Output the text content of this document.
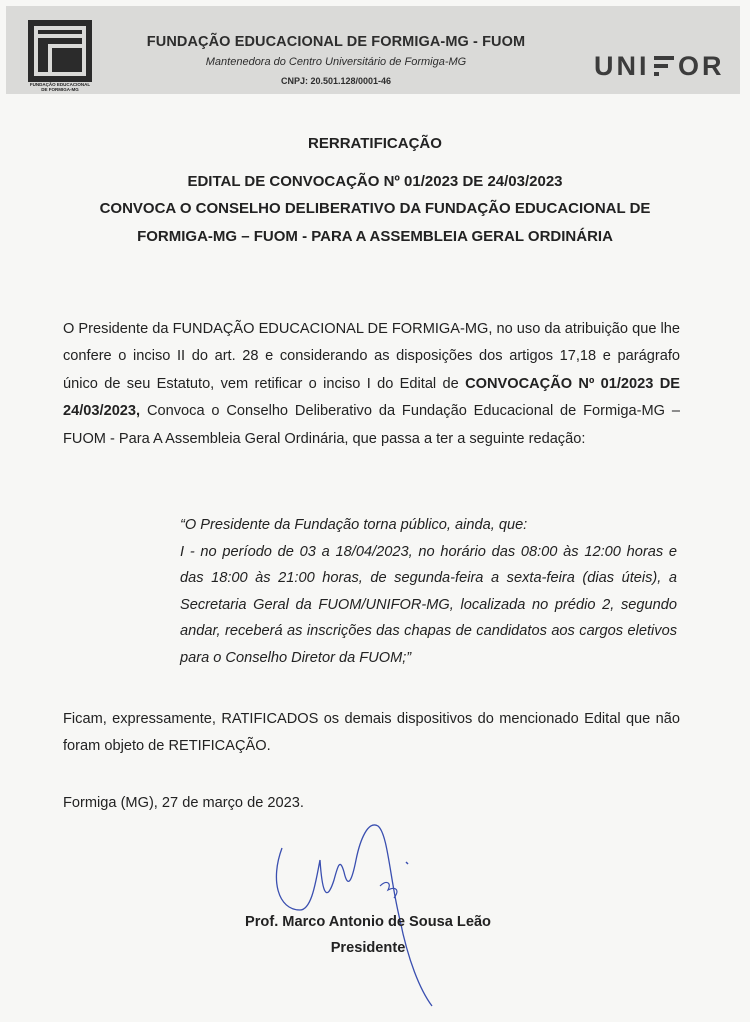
FUNDAÇÃO EDUCACIONAL
DE FORMIGA-MG
FUNDAÇÃO EDUCACIONAL DE FORMIGA-MG - FUOM
Mantenedora do Centro Universitário de Formiga-MG
CNPJ: 20.501.128/0001-46	UNI OR
RERRATIFICAÇÃO
EDITAL DE CONVOCAÇÃO Nº 01/2023 DE 24/03/2023
CONVOCA O CONSELHO DELIBERATIVO DA FUNDAÇÃO EDUCACIONAL DE
FORMIGA-MG – FUOM - PARA A ASSEMBLEIA GERAL ORDINÁRIA
O Presidente da FUNDAÇÃO EDUCACIONAL DE FORMIGA-MG, no uso da atribuição que lhe confere o inciso II do art. 28 e considerando as disposições dos artigos 17,18 e parágrafo único de seu Estatuto, vem retificar o inciso I do Edital de CONVOCAÇÃO Nº 01/2023 DE 24/03/2023, Convoca o Conselho Deliberativo da Fundação Educacional de Formiga-MG – FUOM - Para A Assembleia Geral Ordinária, que passa a ter a seguinte redação:
“O Presidente da Fundação torna público, ainda, que:
I - no período de 03 a 18/04/2023, no horário das 08:00 às 12:00 horas e das 18:00 às 21:00 horas, de segunda-feira a sexta-feira (dias úteis), a Secretaria Geral da FUOM/UNIFOR-MG, localizada no prédio 2, segundo andar, receberá as inscrições das chapas de candidatos aos cargos eletivos para o Conselho Diretor da FUOM;”
Ficam, expressamente, RATIFICADOS os demais dispositivos do mencionado Edital que não foram objeto de RETIFICAÇÃO.
Formiga (MG), 27 de março de 2023.
Prof. Marco Antonio de Sousa Leão
Presidente
